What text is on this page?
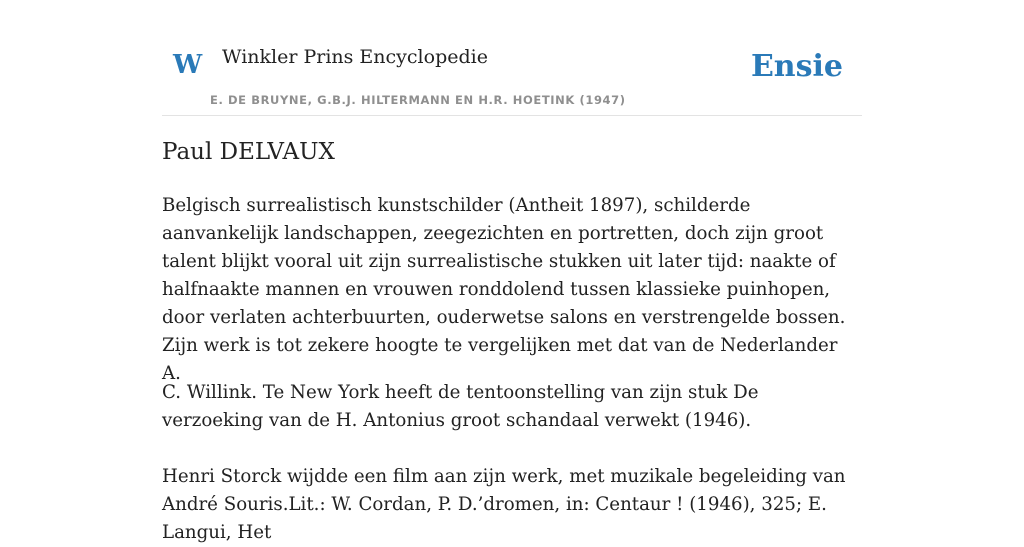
W Winkler Prins Encyclopedie
E. DE BRUYNE, G.B.J. HILTERMANN EN H.R. HOETINK (1947)
Ensie
Paul DELVAUX

Belgisch surrealistisch kunstschilder (Antheit 1897), schilderde aanvankelijk landschappen, zeegezichten en portretten, doch zijn groot talent blijkt vooral uit zijn surrealistische stukken uit later tijd: naakte of halfnaakte mannen en vrouwen ronddolend tussen klassieke puinhopen, door verlaten achterbuurten, ouderwetse salons en verstrengelde bossen. Zijn werk is tot zekere hoogte te vergelijken met dat van de Nederlander A.

C. Willink. Te New York heeft de tentoonstelling van zijn stuk De verzoeking van de H. Antonius groot schandaal verwekt (1946).

Henri Storck wijdde een film aan zijn werk, met muzikale begeleiding van André Souris.Lit.: W. Cordan, P. D.’dromen, in: Centaur ! (1946), 325; E. Langui, Het
